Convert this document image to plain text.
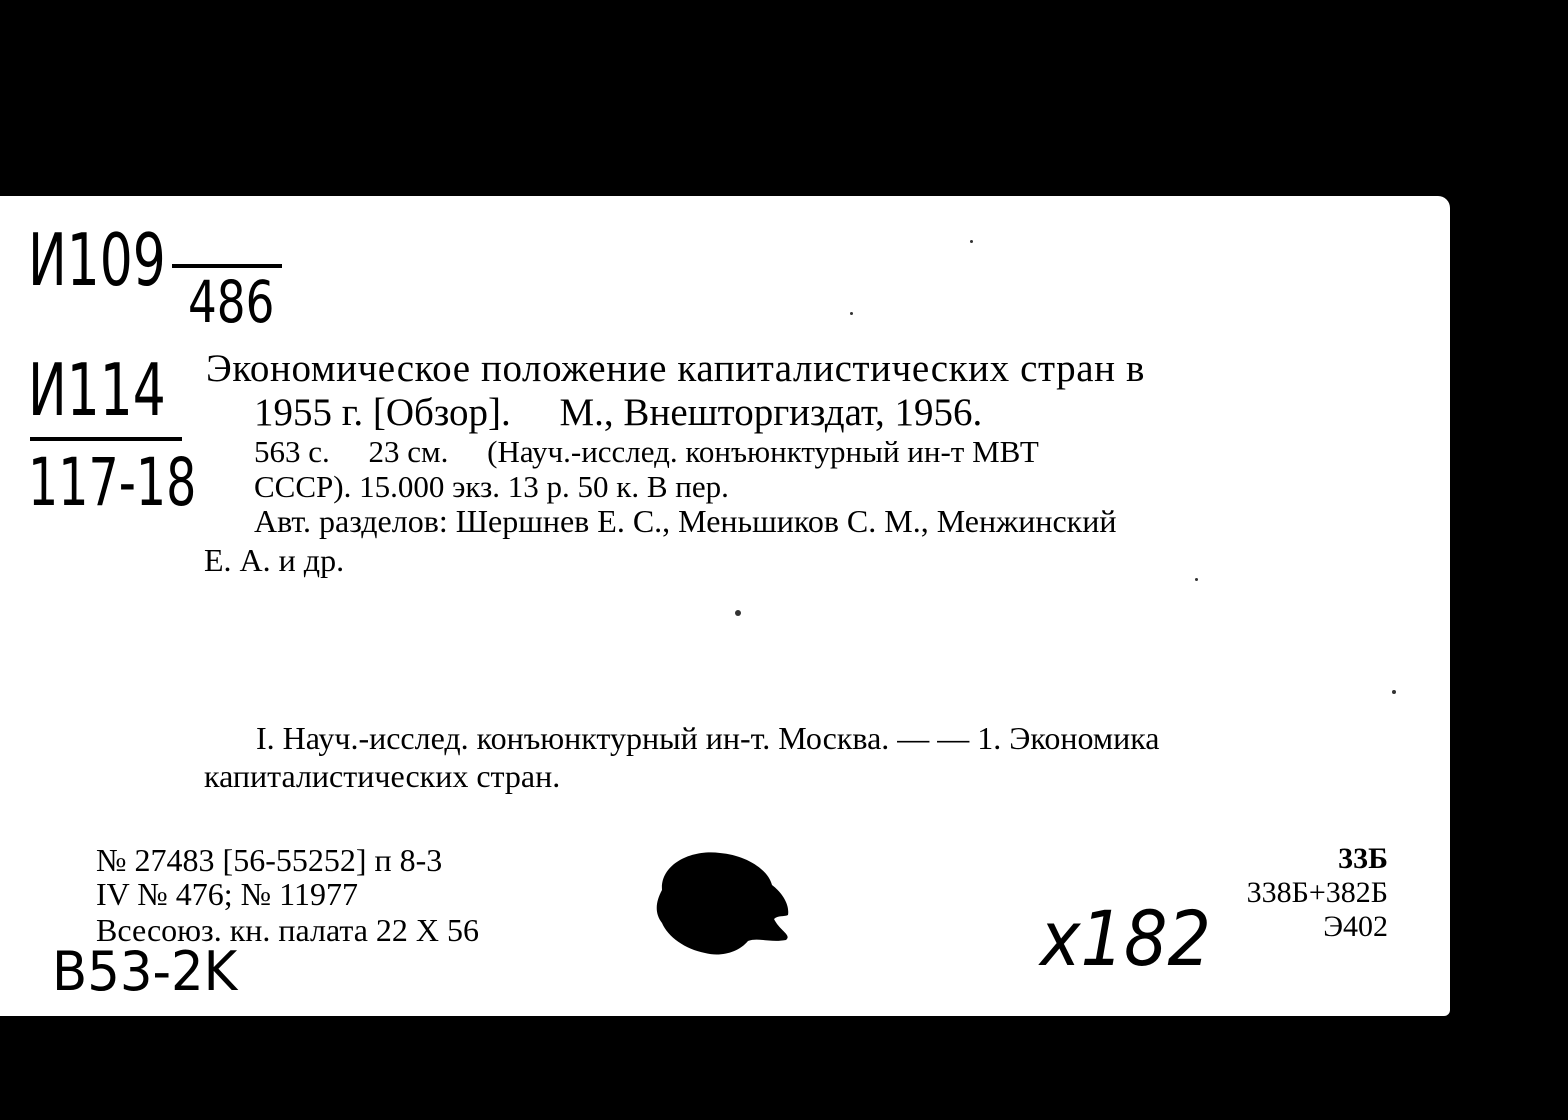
И109 486
И114
117-18
Экономическое положение капиталистических стран в
1955 г. [Обзор].     М., Внешторгиздат, 1956.
563 с.     23 см.     (Науч.-исслед. конъюнктурный ин-т МВТ
СССР). 15.000 экз. 13 р. 50 к. В пер.
Авт. разделов: Шершнев Е. С., Меньшиков С. М., Менжинский
Е. А. и др.
I. Науч.-исслед. конъюнктурный ин-т. Москва. — — 1. Экономика
капиталистических стран.
№ 27483 [56-55252] п 8-3
IV № 476; № 11977
Всесоюз. кн. палата 22 X 56
33Б
338Б+382Б
Э402
B53-2K	x182
